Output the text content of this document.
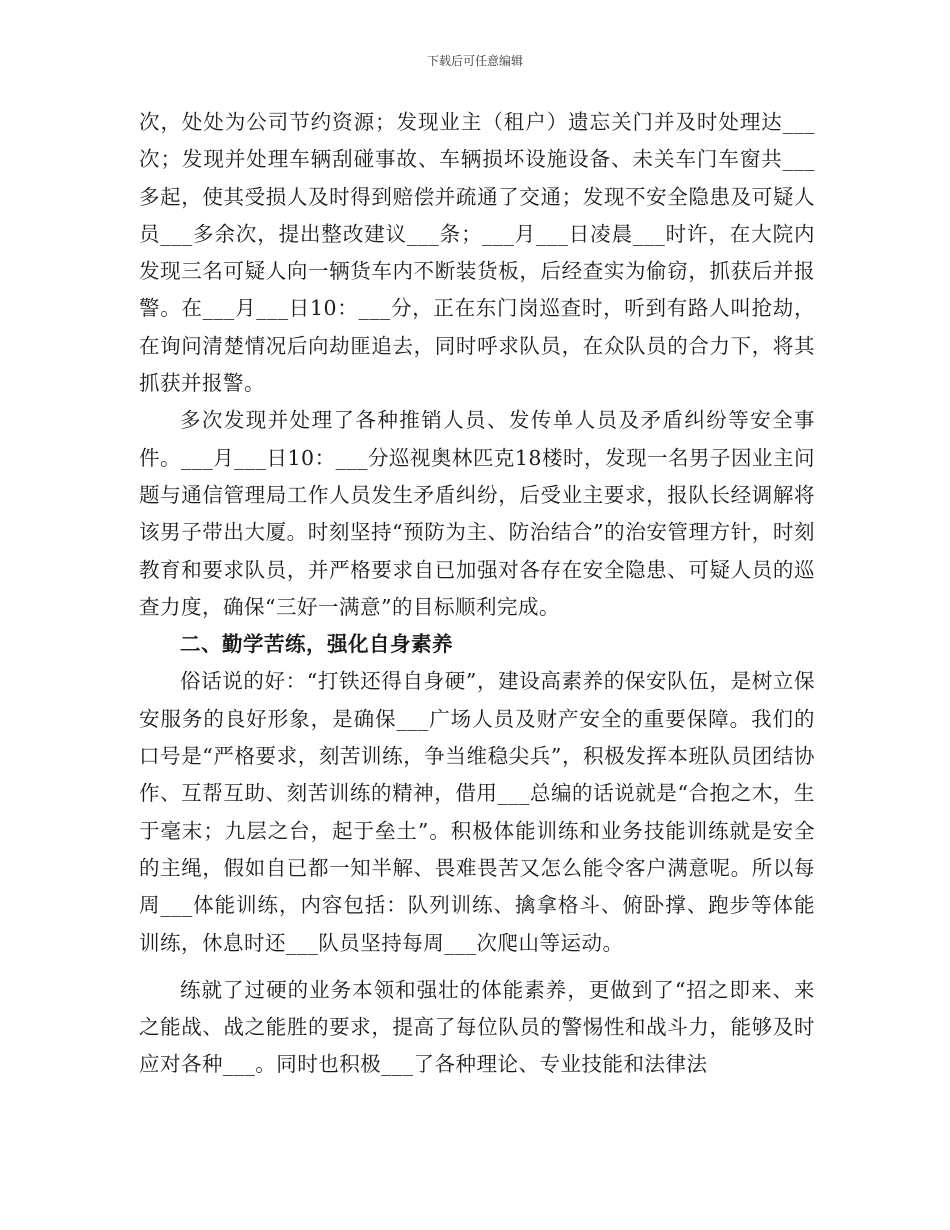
下载后可任意编辑

次，处处为公司节约资源；发现业主（租户）遗忘关门并及时处理达___次；发现并处理车辆刮碰事故、车辆损坏设施设备、未关车门车窗共___多起，使其受损人及时得到赔偿并疏通了交通；发现不安全隐患及可疑人员___多余次，提出整改建议___条；___月___日凌晨___时许，在大院内发现三名可疑人向一辆货车内不断装货板，后经查实为偷窃，抓获后并报警。在___月___日10：___分，正在东门岗巡查时，听到有路人叫抢劫，在询问清楚情况后向劫匪追去，同时呼求队员，在众队员的合力下，将其抓获并报警。

多次发现并处理了各种推销人员、发传单人员及矛盾纠纷等安全事件。___月___日10：___分巡视奥林匹克18楼时，发现一名男子因业主问题与通信管理局工作人员发生矛盾纠纷，后受业主要求，报队长经调解将该男子带出大厦。时刻坚持“预防为主、防治结合”的治安管理方针，时刻教育和要求队员，并严格要求自已加强对各存在安全隐患、可疑人员的巡查力度，确保“三好一满意”的目标顺利完成。

二、勤学苦练，强化自身素养

俗话说的好：“打铁还得自身硬”，建设高素养的保安队伍，是树立保安服务的良好形象，是确保___广场人员及财产安全的重要保障。我们的口号是“严格要求，刻苦训练，争当维稳尖兵”，积极发挥本班队员团结协作、互帮互助、刻苦训练的精神，借用___总编的话说就是“合抱之木，生于毫末；九层之台，起于垒土”。积极体能训练和业务技能训练就是安全的主绳，假如自已都一知半解、畏难畏苦又怎么能令客户满意呢。所以每周___体能训练，内容包括：队列训练、擒拿格斗、俯卧撑、跑步等体能训练，休息时还___队员坚持每周___次爬山等运动。

练就了过硬的业务本领和强壮的体能素养，更做到了“招之即来、来之能战、战之能胜的要求，提高了每位队员的警惕性和战斗力，能够及时应对各种___。同时也积极___了各种理论、专业技能和法律法
